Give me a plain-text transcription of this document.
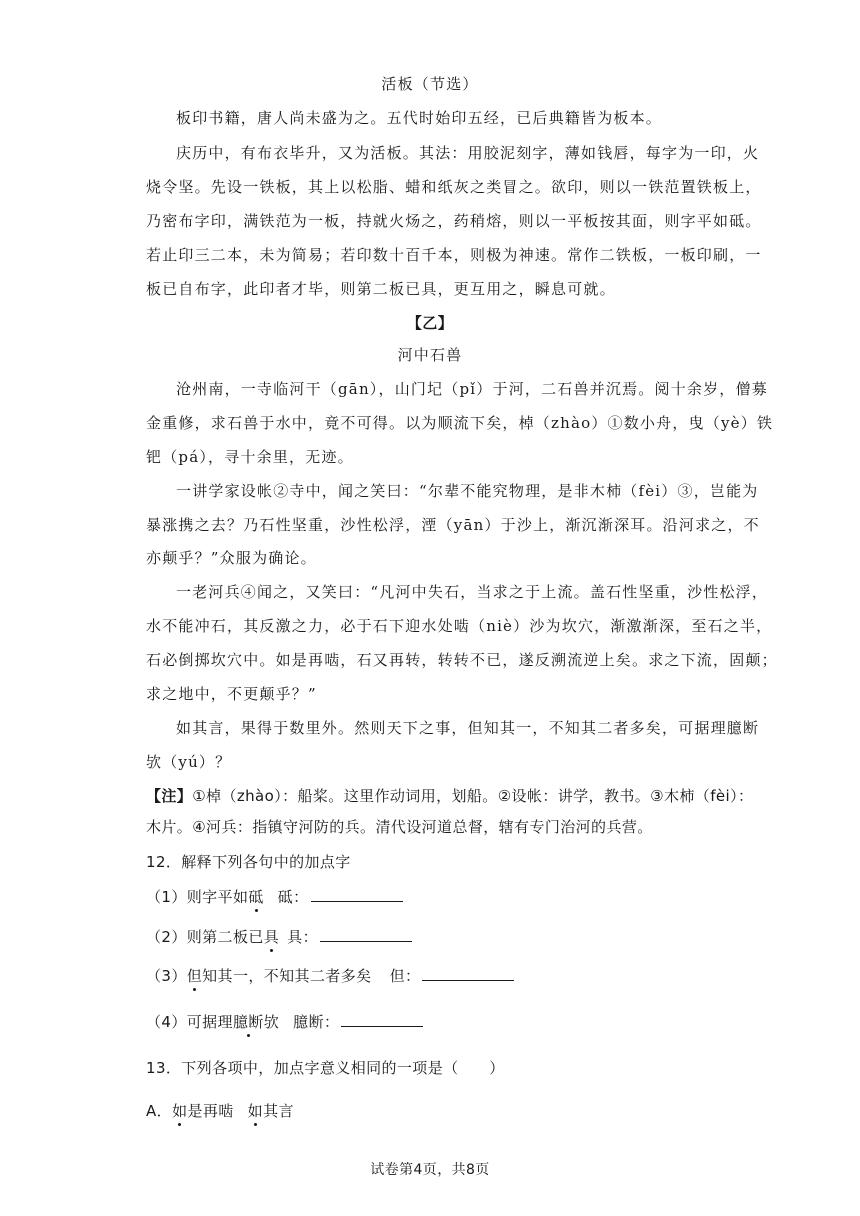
活板（节选）
板印书籍，唐人尚未盛为之。五代时始印五经，已后典籍皆为板本。
庆历中，有布衣毕升，又为活板。其法：用胶泥刻字，薄如钱唇，每字为一印，火
烧令坚。先设一铁板，其上以松脂、蜡和纸灰之类冒之。欲印，则以一铁范置铁板上，
乃密布字印，满铁范为一板，持就火炀之，药稍熔，则以一平板按其面，则字平如砥。
若止印三二本，未为简易；若印数十百千本，则极为神速。常作二铁板，一板印刷，一
板已自布字，此印者才毕，则第二板已具，更互用之，瞬息可就。
【乙】
河中石兽
沧州南，一寺临河干（gān），山门圮（pǐ）于河，二石兽并沉焉。阅十余岁，僧募
金重修，求石兽于水中，竟不可得。以为顺流下矣，棹（zhào）①数小舟，曳（yè）铁
钯（pá），寻十余里，无迹。
一讲学家设帐②寺中，闻之笑曰：“尔辈不能究物理，是非木柿（fèi）③，岂能为
暴涨携之去？乃石性坚重，沙性松浮，湮（yān）于沙上，渐沉渐深耳。沿河求之，不
亦颠乎？”众服为确论。
一老河兵④闻之，又笑曰：“凡河中失石，当求之于上流。盖石性坚重，沙性松浮，
水不能冲石，其反激之力，必于石下迎水处啮（niè）沙为坎穴，渐激渐深，至石之半，
石必倒掷坎穴中。如是再啮，石又再转，转转不已，遂反溯流逆上矣。求之下流，固颠；
求之地中，不更颠乎？”
如其言，果得于数里外。然则天下之事，但知其一，不知其二者多矣，可据理臆断
欤（yú）？
【注】①棹（zhào）：船桨。这里作动词用，划船。②设帐：讲学，教书。③木柿（fèi）：
木片。④河兵：指镇守河防的兵。清代设河道总督，辖有专门治河的兵营。
12．解释下列各句中的加点字
（1）则字平如砥 砥：
（2）则第二板已具 具：
（3）但知其一，不知其二者多矣 但：
（4）可据理臆断欤 臆断：
13．下列各项中，加点字意义相同的一项是（　　）
A．如是再啮 如其言
试卷第4页，共8页
